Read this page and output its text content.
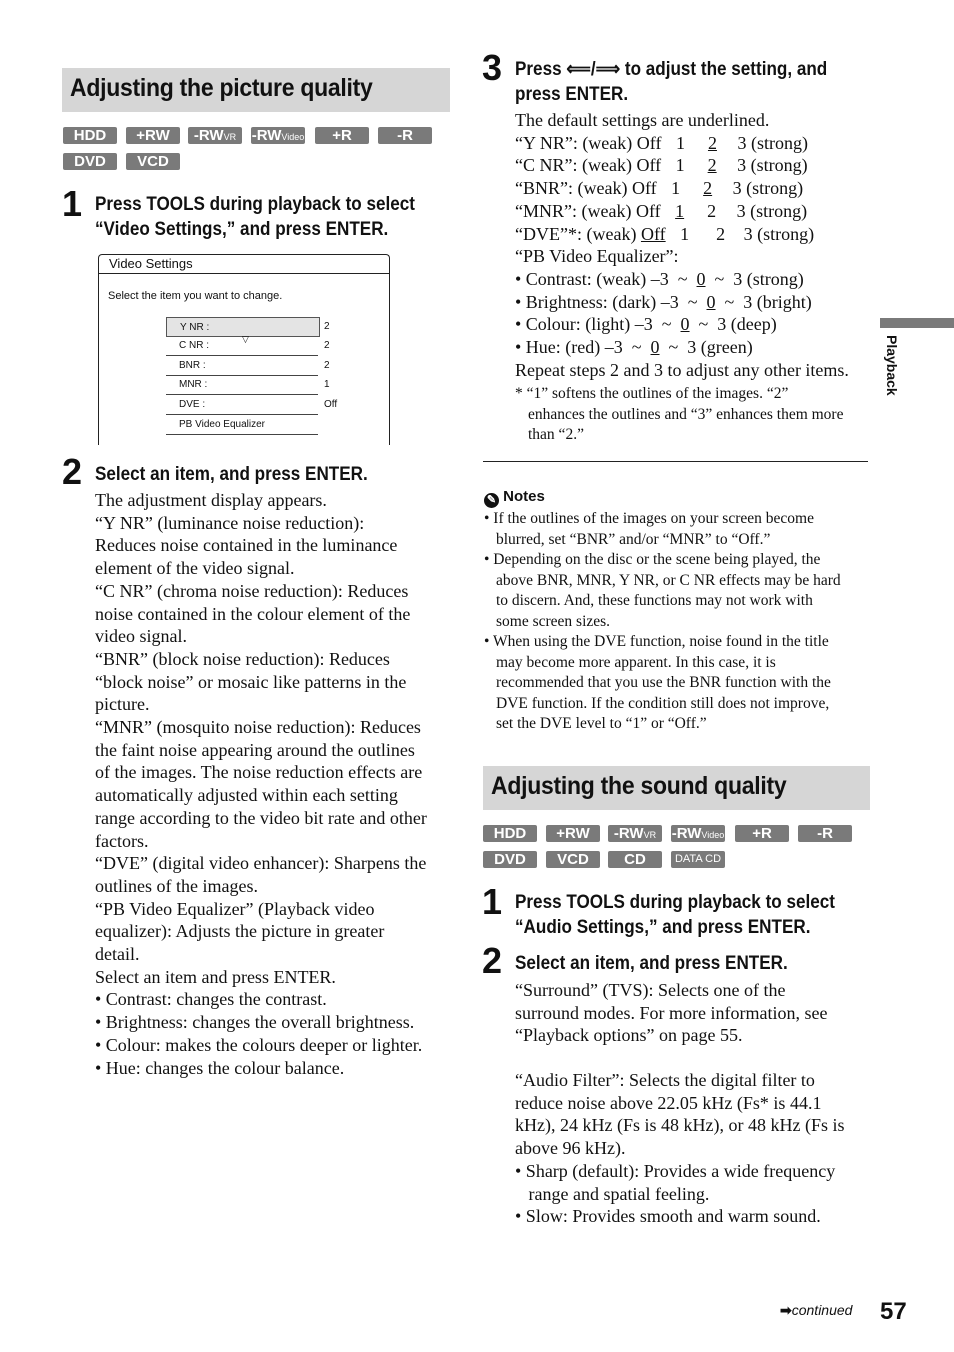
Adjusting the picture quality
HDD	+RW	-RWVR	-RWVideo	+R	-R
DVD	VCD
1 Press TOOLS during playback to select
“Video Settings,” and press ENTER.
Video Settings
Select the item you want to change.
Y NR :	2
▽
C NR :	2
BNR :	2
MNR :	1
DVE :	Off
PB Video Equalizer
2 Select an item, and press ENTER.
The adjustment display appears.
“Y NR” (luminance noise reduction):
Reduces noise contained in the luminance
element of the video signal.
“C NR” (chroma noise reduction): Reduces
noise contained in the colour element of the
video signal.
“BNR” (block noise reduction): Reduces
“block noise” or mosaic like patterns in the
picture.
“MNR” (mosquito noise reduction): Reduces
the faint noise appearing around the outlines
of the images. The noise reduction effects are
automatically adjusted within each setting
range according to the video bit rate and other
factors.
“DVE” (digital video enhancer): Sharpens the
outlines of the images.
“PB Video Equalizer” (Playback video
equalizer): Adjusts the picture in greater
detail.
Select an item and press ENTER.
• Contrast: changes the contrast.
• Brightness: changes the overall brightness.
• Colour: makes the colours deeper or lighter.
• Hue: changes the colour balance.
3 Press ⟸/⟹ to adjust the setting, and
press ENTER.
The default settings are underlined.
“Y NR”: (weak) Off 1 2 3 (strong)
“C NR”: (weak) Off 1 2 3 (strong)
“BNR”: (weak) Off 1 2 3 (strong)
“MNR”: (weak) Off 1 2 3 (strong)
“DVE”*: (weak) Off 1 2 3 (strong)
“PB Video Equalizer”:
• Contrast: (weak) –3  ~  0  ~  3 (strong)
• Brightness: (dark) –3  ~  0  ~  3 (bright)
• Colour: (light) –3  ~  0  ~  3 (deep)
• Hue: (red) –3  ~  0  ~  3 (green)
Repeat steps 2 and 3 to adjust any other items.
* “1” softens the outlines of the images. “2”
enhances the outlines and “3” enhances them more
than “2.”
✎ Notes
• If the outlines of the images on your screen become
blurred, set “BNR” and/or “MNR” to “Off.”
• Depending on the disc or the scene being played, the
above BNR, MNR, Y NR, or C NR effects may be hard
to discern. And, these functions may not work with
some screen sizes.
• When using the DVE function, noise found in the title
may become more apparent. In this case, it is
recommended that you use the BNR function with the
DVE function. If the condition still does not improve,
set the DVE level to “1” or “Off.”
Adjusting the sound quality
HDD	+RW	-RWVR	-RWVideo	+R	-R
DVD	VCD	CD	DATA CD
1 Press TOOLS during playback to select
“Audio Settings,” and press ENTER.
2 Select an item, and press ENTER.
“Surround” (TVS): Selects one of the
surround modes. For more information, see
“Playback options” on page 55.
“Audio Filter”: Selects the digital filter to
reduce noise above 22.05 kHz (Fs* is 44.1
kHz), 24 kHz (Fs is 48 kHz), or 48 kHz (Fs is
above 96 kHz).
• Sharp (default): Provides a wide frequency
range and spatial feeling.
• Slow: Provides smooth and warm sound.
Playback
➡continued 57
